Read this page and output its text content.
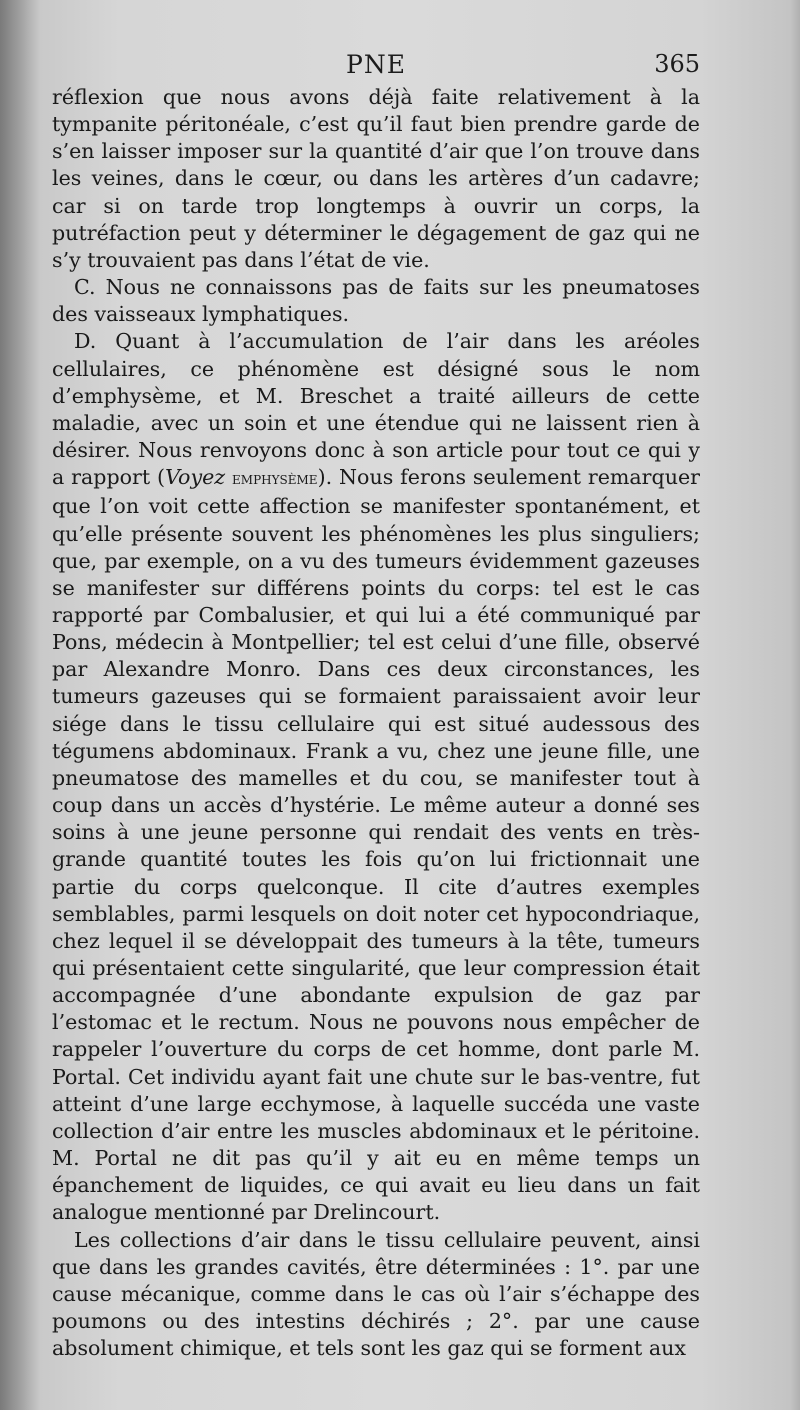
PNE	365

réflexion que nous avons déjà faite relativement à la tympanite péritonéale, c’est qu’il faut bien prendre garde de s’en laisser imposer sur la quantité d’air que l’on trouve dans les veines, dans le cœur, ou dans les artères d’un cadavre; car si on tarde trop longtemps à ouvrir un corps, la putréfaction peut y déterminer le dégagement de gaz qui ne s’y trouvaient pas dans l’état de vie.

C. Nous ne connaissons pas de faits sur les pneumatoses des vaisseaux lymphatiques.

D. Quant à l’accumulation de l’air dans les aréoles cellulaires, ce phénomène est désigné sous le nom d’emphysème, et M. Breschet a traité ailleurs de cette maladie, avec un soin et une étendue qui ne laissent rien à désirer. Nous renvoyons donc à son article pour tout ce qui y a rapport (Voyez emphysème). Nous ferons seulement remarquer que l’on voit cette affection se manifester spontanément, et qu’elle présente souvent les phénomènes les plus singuliers; que, par exemple, on a vu des tumeurs évidemment gazeuses se manifester sur différens points du corps: tel est le cas rapporté par Combalusier, et qui lui a été communiqué par Pons, médecin à Montpellier; tel est celui d’une fille, observé par Alexandre Monro. Dans ces deux circonstances, les tumeurs gazeuses qui se formaient paraissaient avoir leur siége dans le tissu cellulaire qui est situé audessous des tégumens abdominaux. Frank a vu, chez une jeune fille, une pneumatose des mamelles et du cou, se manifester tout à coup dans un accès d’hystérie. Le même auteur a donné ses soins à une jeune personne qui rendait des vents en très-grande quantité toutes les fois qu’on lui frictionnait une partie du corps quelconque. Il cite d’autres exemples semblables, parmi lesquels on doit noter cet hypocondriaque, chez lequel il se développait des tumeurs à la tête, tumeurs qui présentaient cette singularité, que leur compression était accompagnée d’une abondante expulsion de gaz par l’estomac et le rectum. Nous ne pouvons nous empêcher de rappeler l’ouverture du corps de cet homme, dont parle M. Portal. Cet individu ayant fait une chute sur le bas-ventre, fut atteint d’une large ecchymose, à laquelle succéda une vaste collection d’air entre les muscles abdominaux et le péritoine. M. Portal ne dit pas qu’il y ait eu en même temps un épanchement de liquides, ce qui avait eu lieu dans un fait analogue mentionné par Drelincourt.

Les collections d’air dans le tissu cellulaire peuvent, ainsi que dans les grandes cavités, être déterminées : 1°. par une cause mécanique, comme dans le cas où l’air s’échappe des poumons ou des intestins déchirés ; 2°. par une cause absolument chimique, et tels sont les gaz qui se forment aux
